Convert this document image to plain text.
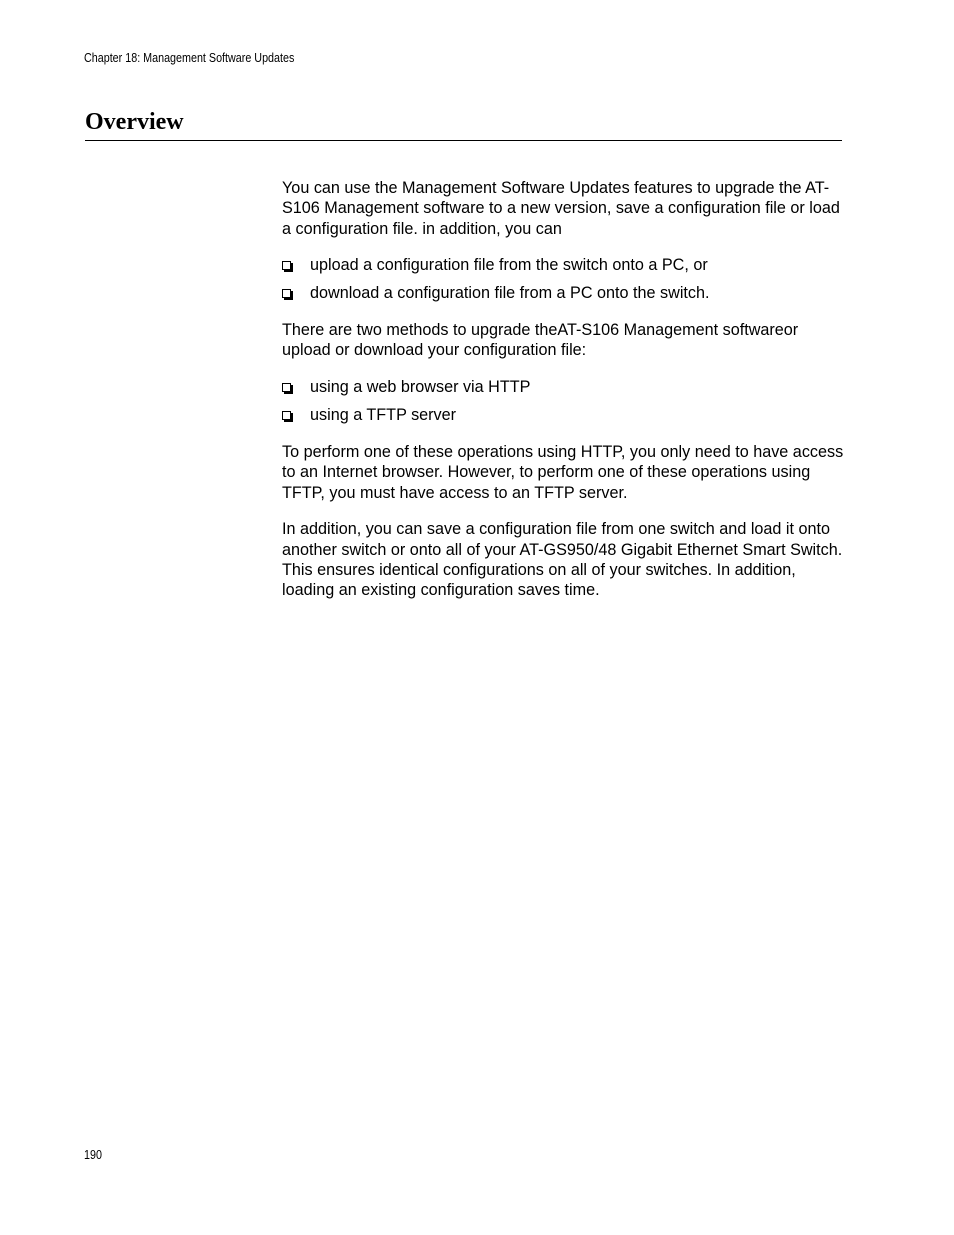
Chapter 18: Management Software Updates
Overview

You can use the Management Software Updates features to upgrade the AT-S106 Management software to a new version, save a configuration file or load a configuration file. in addition, you can

upload a configuration file from the switch onto a PC, or
download a configuration file from a PC onto the switch.

There are two methods to upgrade theAT-S106 Management softwareor upload or download your configuration file:

using a web browser via HTTP
using a TFTP server

To perform one of these operations using HTTP, you only need to have access to an Internet browser. However, to perform one of these operations using TFTP, you must have access to an TFTP server.

In addition, you can save a configuration file from one switch and load it onto another switch or onto all of your AT-GS950/48 Gigabit Ethernet Smart Switch. This ensures identical configurations on all of your switches. In addition, loading an existing configuration saves time.

190
